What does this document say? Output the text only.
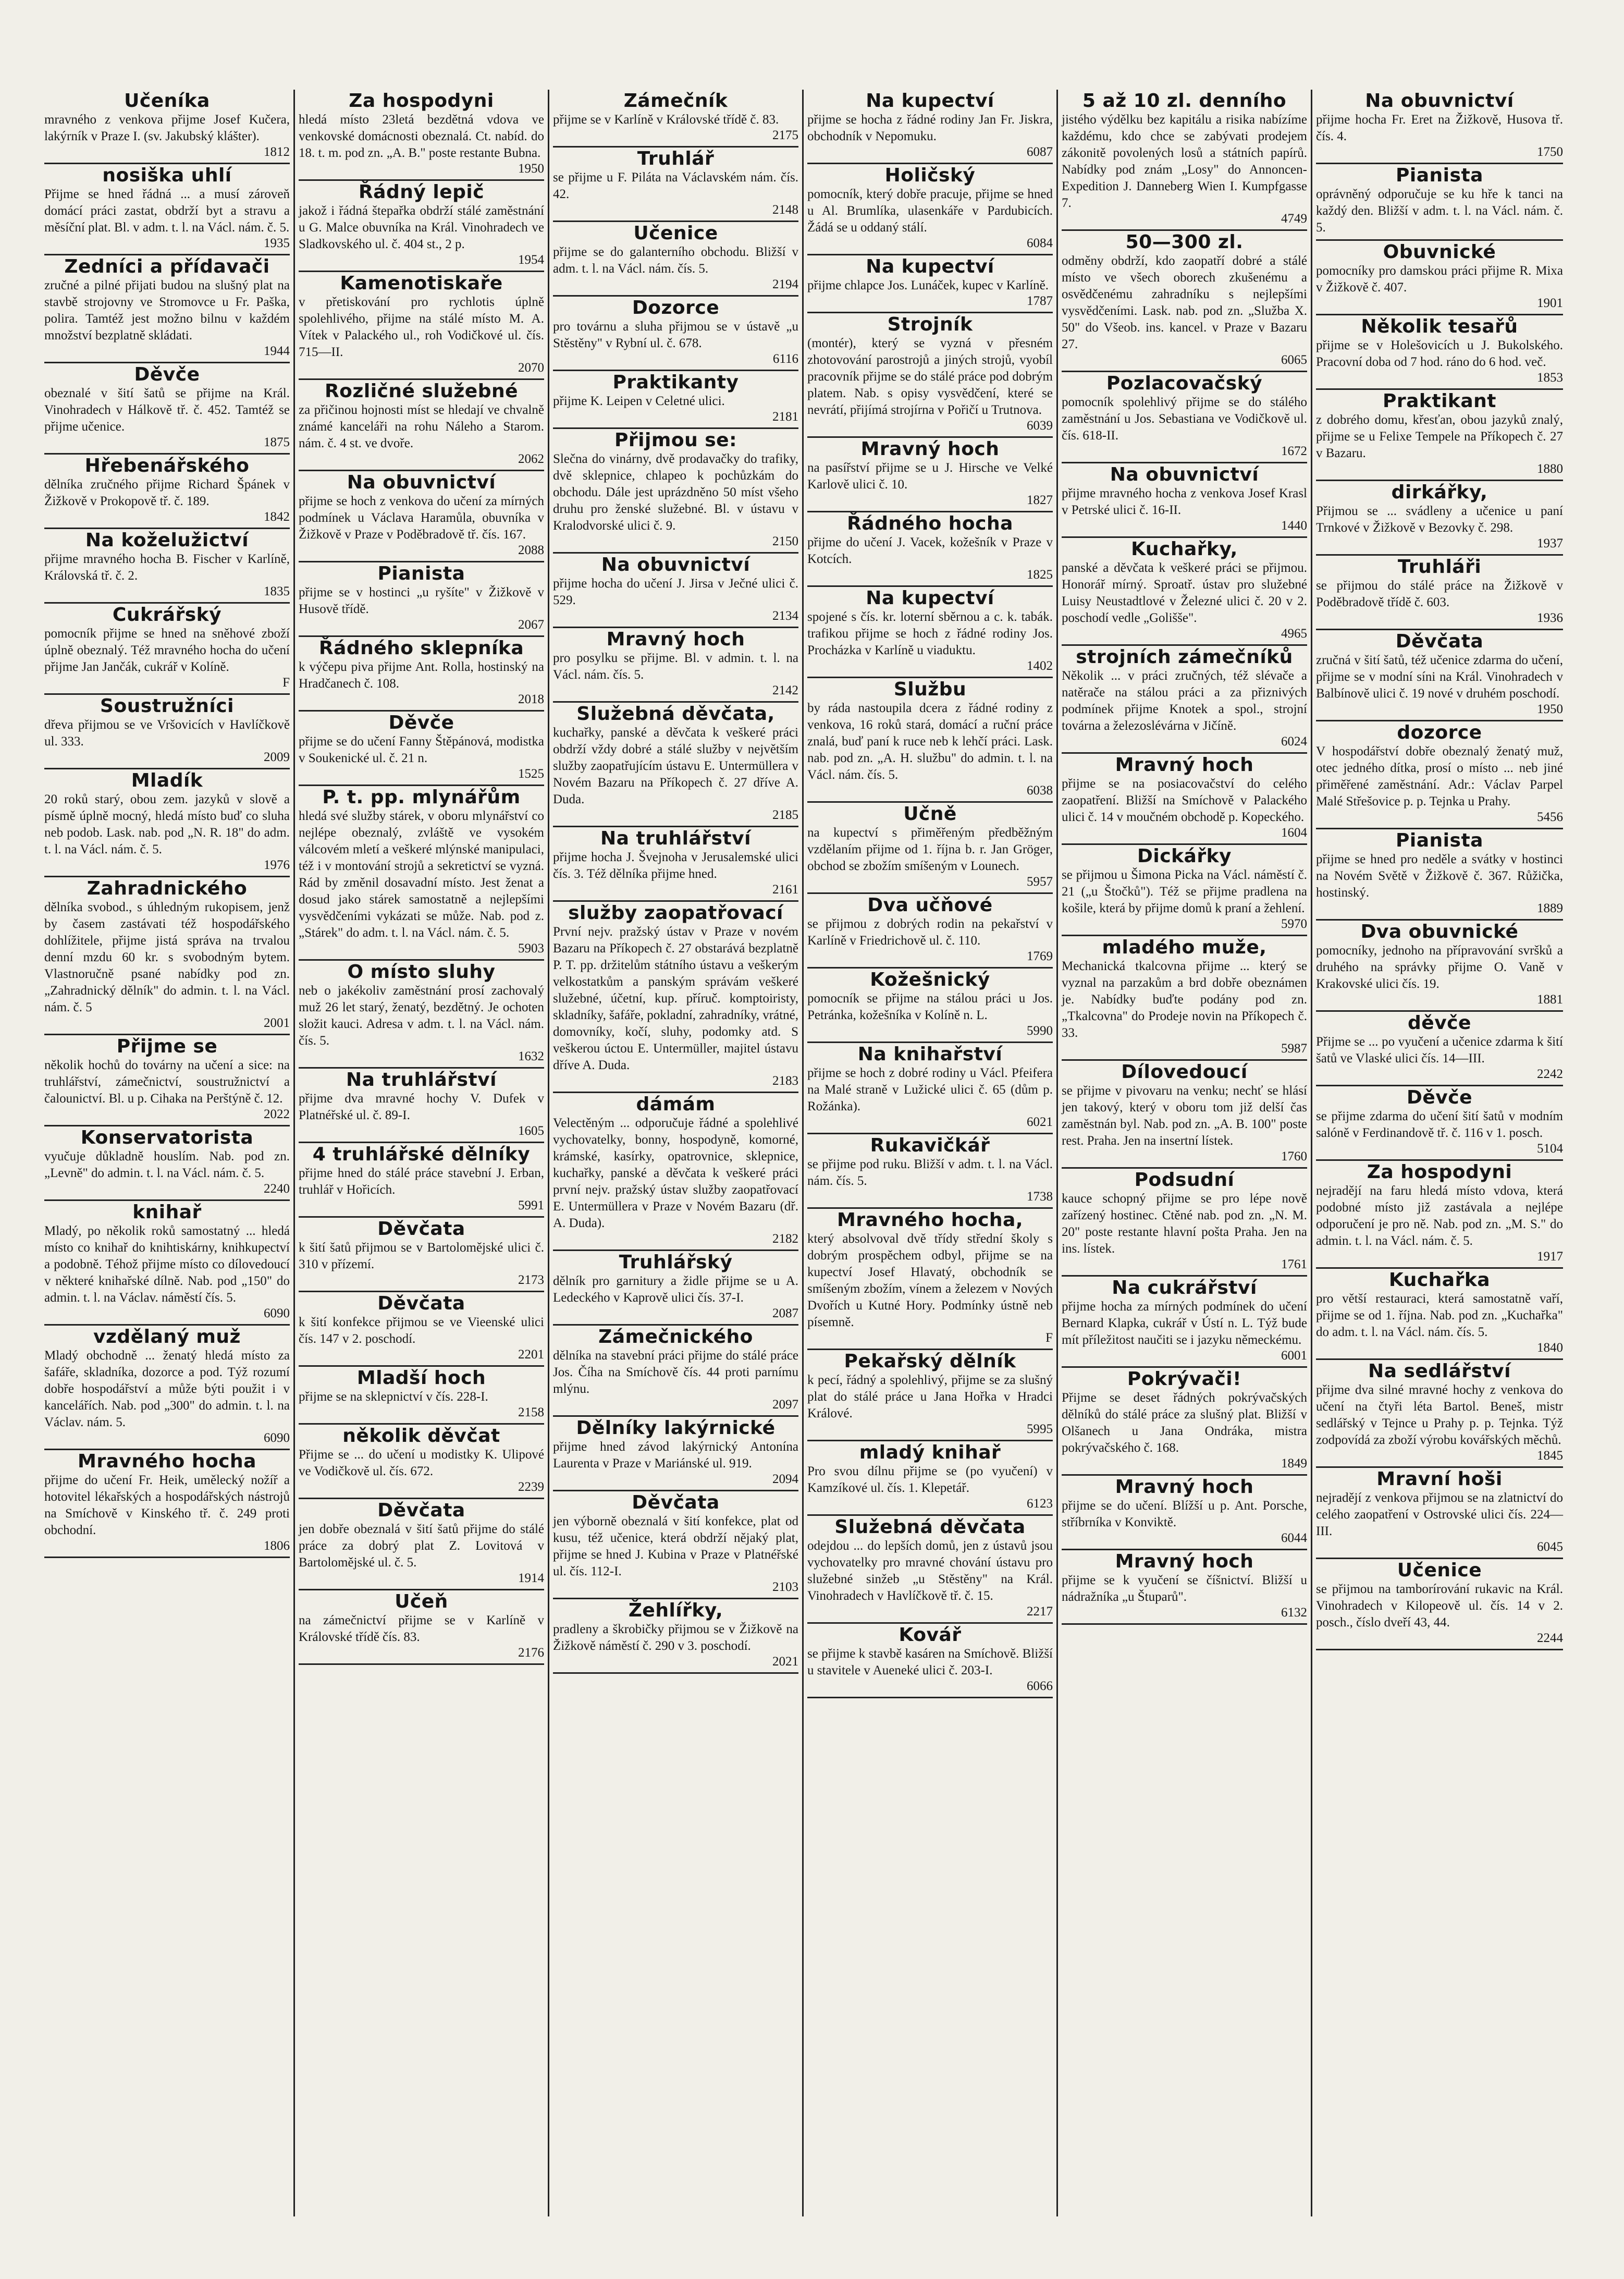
Učeníka
mravného z venkova přijme Josef Kučera, lakýrník v Praze I. (sv. Jakubský klášter).
1812
nosiška uhlí
Přijme se hned řádná ... a musí zároveň domácí práci zastat, obdrží byt a stravu a měsíční plat. Bl. v adm. t. l. na Václ. nám. č. 5.
1935
Zedníci a přídavači
zručné a pilné přijati budou na slušný plat na stavbě strojovny ve Stromovce u Fr. Paška, polira. Tamtéž jest možno bilnu v každém množství bezplatně skládati.
1944
Děvče
obeznalé v šití šatů se přijme na Král. Vinohradech v Hálkově tř. č. 452. Tamtéž se přijme učenice.
1875
Hřebenářského
dělníka zručného přijme Richard Špánek v Žižkově v Prokopově tř. č. 189.
1842
Na koželužictví
přijme mravného hocha B. Fischer v Karlíně, Královská tř. č. 2.
1835
Cukrářský
pomocník přijme se hned na sněhové zboží úplně obeznalý. Též mravného hocha do učení přijme Jan Jančák, cukrář v Kolíně.
F
Soustružníci
dřeva přijmou se ve Vršovicích v Havlíčkově ul. 333.
2009
Mladík
20 roků starý, obou zem. jazyků v slově a písmě úplně mocný, hledá místo buď co sluha neb podob. Lask. nab. pod „N. R. 18" do adm. t. l. na Václ. nám. č. 5.
1976
Zahradnického
dělníka svobod., s úhledným rukopisem, jenž by časem zastávati též hospodářského dohlížitele, přijme jistá správa na trvalou denní mzdu 60 kr. s svobodným bytem. Vlastnoručně psané nabídky pod zn. „Zahradnický dělník" do admin. t. l. na Václ. nám. č. 5
2001
Přijme se
několik hochů do továrny na učení a sice: na truhlářství, zámečnictví, soustružnictví a čalounictví. Bl. u p. Cihaka na Perštýně č. 12.
2022
Konservatorista
vyučuje důkladně houslím. Nab. pod zn. „Levně" do admin. t. l. na Václ. nám. č. 5.
2240
knihař
Mladý, po několik roků samostatný ... hledá místo co knihař do knihtiskárny, knihkupectví a podobně. Téhož přijme místo co dílovedoucí v některé knihařské dílně. Nab. pod „150" do admin. t. l. na Václav. náměstí čís. 5.
6090
vzdělaný muž
Mladý obchodně ... ženatý hledá místo za šafáře, skladníka, dozorce a pod. Týž rozumí dobře hospodářství a může býti použit i v kancelářích. Nab. pod „300" do admin. t. l. na Václav. nám. 5.
6090
Mravného hocha
přijme do učení Fr. Heik, umělecký nožíř a hotovitel lékařských a hospodářských nástrojů na Smíchově v Kinského tř. č. 249 proti obchodní.
1806
Za hospodyni
hledá místo 23letá bezdětná vdova ve venkovské domácnosti obeznalá. Ct. nabíd. do 18. t. m. pod zn. „A. B." poste restante Bubna.
1950
Řádný lepič
jakož i řádná štepařka obdrží stálé zaměstnání u G. Malce obuvníka na Král. Vinohradech ve Sladkovského ul. č. 404 st., 2 p.
1954
Kamenotiskaře
v přetiskování pro rychlotis úplně spolehlivého, přijme na stálé místo M. A. Vítek v Palackého ul., roh Vodičkové ul. čís. 715—II.
2070
Rozličné služebné
za přičinou hojnosti míst se hledají ve chvalně známé kanceláři na rohu Náleho a Starom. nám. č. 4 st. ve dvoře.
2062
Na obuvnictví
přijme se hoch z venkova do učení za mírných podmínek u Václava Haramůla, obuvníka v Žižkově v Praze v Poděbradově tř. čís. 167.
2088
Pianista
přijme se v hostinci „u ryšíte" v Žižkově v Husově třídě.
2067
Řádného sklepníka
k výčepu piva přijme Ant. Rolla, hostinský na Hradčanech č. 108.
2018
Děvče
přijme se do učení Fanny Štěpánová, modistka v Soukenické ul. č. 21 n.
1525
P. t. pp. mlynářům
hledá své služby stárek, v oboru mlynářství co nejlépe obeznalý, zvláště ve vysokém válcovém mletí a veškeré mlýnské manipulaci, též i v montování strojů a sekretictví se vyzná. Rád by změnil dosavadní místo. Jest ženat a dosud jako stárek samostatně a nejlepšími vysvědčeními vykázati se může. Nab. pod z. „Stárek" do adm. t. l. na Václ. nám. č. 5.
5903
O místo sluhy
neb o jakékoliv zaměstnání prosí zachovalý muž 26 let starý, ženatý, bezdětný. Je ochoten složit kauci. Adresa v adm. t. l. na Václ. nám. čís. 5.
1632
Na truhlářství
přijme dva mravné hochy V. Dufek v Platnéřské ul. č. 89-I.
1605
4 truhlářské dělníky
přijme hned do stálé práce stavební J. Erban, truhlář v Hořicích.
5991
Děvčata
k šití šatů přijmou se v Bartolomějské ulici č. 310 v přízemí.
2173
Děvčata
k šití konfekce přijmou se ve Vieenské ulici čís. 147 v 2. poschodí.
2201
Mladší hoch
přijme se na sklepnictví v čís. 228-I.
2158
několik děvčat
Přijme se ... do učení u modistky K. Ulipové ve Vodičkově ul. čís. 672.
2239
Děvčata
jen dobře obeznalá v šití šatů přijme do stálé práce za dobrý plat Z. Lovitová v Bartolomějské ul. č. 5.
1914
Učeň
na zámečnictví přijme se v Karlíně v Královské třídě čís. 83.
2176
Zámečník
přijme se v Karlíně v Královské třídě č. 83.
2175
Truhlář
se přijme u F. Piláta na Václavském nám. čís. 42.
2148
Učenice
přijme se do galanterního obchodu. Bližší v adm. t. l. na Václ. nám. čís. 5.
2194
Dozorce
pro továrnu a sluha přijmou se v ústavě „u Stěstěny" v Rybní ul. č. 678.
6116
Praktikanty
přijme K. Leipen v Celetné ulici.
2181
Přijmou se:
Slečna do vinárny, dvě prodavačky do trafiky, dvě sklepnice, chlapeo k pochůzkám do obchodu. Dále jest uprázdněno 50 míst všeho druhu pro ženské služebné. Bl. v ústavu v Kralodvorské ulici č. 9.
2150
Na obuvnictví
přijme hocha do učení J. Jirsa v Ječné ulici č. 529.
2134
Mravný hoch
pro posylku se přijme. Bl. v admin. t. l. na Václ. nám. čís. 5.
2142
Služebná děvčata,
kuchařky, panské a děvčata k veškeré práci obdrží vždy dobré a stálé služby v největším služby zaopatřujícím ústavu E. Untermüllera v Novém Bazaru na Příkopech č. 27 dříve A. Duda.
2185
Na truhlářství
přijme hocha J. Švejnoha v Jerusalemské ulici čís. 3. Též dělníka přijme hned.
2161
služby zaopatřovací
První nejv. pražský ústav v Praze v novém Bazaru na Příkopech č. 27 obstarává bezplatně P. T. pp. držitelům státního ústavu a veškerým velkostatkům a panským správám veškeré služebné, účetní, kup. příruč. komptoiristy, skladníky, šafáře, pokladní, zahradníky, vrátné, domovníky, kočí, sluhy, podomky atd. S veškerou úctou E. Untermüller, majitel ústavu dříve A. Duda.
2183
dámám
Velectěným ... odporučuje řádné a spolehlivé vychovatelky, bonny, hospodyně, komorné, krámské, kasírky, opatrovnice, sklepnice, kuchařky, panské a děvčata k veškeré práci první nejv. pražský ústav služby zaopatřovací E. Untermüllera v Praze v Novém Bazaru (dř. A. Duda).
2182
Truhlářský
dělník pro garnitury a židle přijme se u A. Ledeckého v Kaprově ulici čís. 37-I.
2087
Zámečnického
dělníka na stavební práci přijme do stálé práce Jos. Číha na Smíchově čís. 44 proti parnímu mlýnu.
2097
Dělníky lakýrnické
přijme hned závod lakýrnický Antonína Laurenta v Praze v Mariánské ul. 919.
2094
Děvčata
jen výborně obeznalá v šití konfekce, plat od kusu, též učenice, která obdrží nějaký plat, přijme se hned J. Kubina v Praze v Platnéřské ul. čís. 112-I.
2103
Žehlířky,
pradleny a škrobičky přijmou se v Žižkově na Žižkově náměstí č. 290 v 3. poschodí.
2021
Na kupectví
přijme se hocha z řádné rodiny Jan Fr. Jiskra, obchodník v Nepomuku.
6087
Holičský
pomocník, který dobře pracuje, přijme se hned u Al. Brumlíka, ulasenkáře v Pardubicích. Žádá se u oddaný stálí.
6084
Na kupectví
přijme chlapce Jos. Lunáček, kupec v Karlíně.
1787
Strojník
(montér), který se vyzná v přesném zhotovování parostrojů a jiných strojů, vyobíl pracovník přijme se do stálé práce pod dobrým platem. Nab. s opisy vysvědčení, které se nevrátí, přijímá strojírna v Pořičí u Trutnova.
6039
Mravný hoch
na pasířství přijme se u J. Hirsche ve Velké Karlově ulici č. 10.
1827
Řádného hocha
přijme do učení J. Vacek, kožešník v Praze v Kotcích.
1825
Na kupectví
spojené s čís. kr. loterní sběrnou a c. k. tabák. trafikou přijme se hoch z řádné rodiny Jos. Procházka v Karlíně u viaduktu.
1402
Službu
by ráda nastoupila dcera z řádné rodiny z venkova, 16 roků stará, domácí a ruční práce znalá, buď paní k ruce neb k lehčí práci. Lask. nab. pod zn. „A. H. službu" do admin. t. l. na Václ. nám. čís. 5.
6038
Učně
na kupectví s přiměřeným předběžným vzdělaním přijme od 1. října b. r. Jan Gröger, obchod se zbožím smíšeným v Lounech.
5957
Dva učňové
se přijmou z dobrých rodin na pekařství v Karlíně v Friedrichově ul. č. 110.
1769
Kožešnický
pomocník se přijme na stálou práci u Jos. Petránka, kožešníka v Kolíně n. L.
5990
Na knihařství
přijme se hoch z dobré rodiny u Václ. Pfeifera na Malé straně v Lužické ulici č. 65 (dům p. Rožánka).
6021
Rukavičkář
se přijme pod ruku. Bližší v adm. t. l. na Václ. nám. čís. 5.
1738
Mravného hocha,
který absolvoval dvě třídy střední školy s dobrým prospěchem odbyl, přijme se na kupectví Josef Hlavatý, obchodník se smíšeným zbožím, vínem a železem v Nových Dvořích u Kutné Hory. Podmínky ústně neb písemně.
F
Pekařský dělník
k pecí, řádný a spolehlivý, přijme se za slušný plat do stálé práce u Jana Hořka v Hradci Králové.
5995
mladý knihař
Pro svou dílnu přijme se (po vyučení) v Kamzíkové ul. čís. 1. Klepetář.
6123
Služebná děvčata
odejdou ... do lepších domů, jen z ústavů jsou vychovatelky pro mravné chování ústavu pro služebné sinžeb „u Stěstěny" na Král. Vinohradech v Havlíčkově tř. č. 15.
2217
Kovář
se přijme k stavbě kasáren na Smíchově. Bližší u stavitele v Aueneké ulici č. 203-I.
6066
5 až 10 zl. denního
jistého výdělku bez kapitálu a risika nabízíme každému, kdo chce se zabývati prodejem zákonitě povolených losů a státních papírů. Nabídky pod znám „Losy" do Annoncen-Expedition J. Danneberg Wien I. Kumpfgasse 7.
4749
50—300 zl.
odměny obdrží, kdo zaopatří dobré a stálé místo ve všech oborech zkušenému a osvědčenému zahradníku s nejlepšími vysvědčeními. Lask. nab. pod zn. „Služba X. 50" do Všeob. ins. kancel. v Praze v Bazaru 27.
6065
Pozlacovačský
pomocník spolehlivý přijme se do stálého zaměstnání u Jos. Sebastiana ve Vodičkově ul. čís. 618-II.
1672
Na obuvnictví
přijme mravného hocha z venkova Josef Krasl v Petrské ulici č. 16-II.
1440
Kuchařky,
panské a děvčata k veškeré práci se přijmou. Honorář mírný. Sproatř. ústav pro služebné Luisy Neustadtlové v Železné ulici č. 20 v 2. poschodí vedle „Golišše".
4965
strojních zámečníků
Několik ... v práci zručných, též slévače a natěrače na stálou práci a za přiznivých podmínek přijme Knotek a spol., strojní továrna a železoslévárna v Jičíně.
6024
Mravný hoch
přijme se na posiacovačství do celého zaopatření. Bližší na Smíchově v Palackého ulici č. 14 v moučném obchodě p. Kopeckého.
1604
Dickářky
se přijmou u Šimona Picka na Václ. náměstí č. 21 („u Štočků"). Též se přijme pradlena na košile, která by přijme domů k praní a žehlení.
5970
mladého muže,
Mechanická tkalcovna přijme ... který se vyznal na parzakům a brd dobře obeznámen je. Nabídky buďte podány pod zn. „Tkalcovna" do Prodeje novin na Příkopech č. 33.
5987
Dílovedoucí
se přijme v pivovaru na venku; nechť se hlásí jen takový, který v oboru tom již delší čas zaměstnán byl. Nab. pod zn. „A. B. 100" poste rest. Praha. Jen na insertní lístek.
1760
Podsudní
kauce schopný přijme se pro lépe nově zařízený hostinec. Ctěné nab. pod zn. „N. M. 20" poste restante hlavní pošta Praha. Jen na ins. lístek.
1761
Na cukrářství
přijme hocha za mírných podmínek do učení Bernard Klapka, cukrář v Ústí n. L. Týž bude mít příležitost naučiti se i jazyku německému.
6001
Pokrývači!
Přijme se deset řádných pokrývačských dělníků do stálé práce za slušný plat. Bližší v Olšanech u Jana Ondráka, mistra pokrývačského č. 168.
1849
Mravný hoch
přijme se do učení. Blížší u p. Ant. Porsche, stříbrníka v Konviktě.
6044
Mravný hoch
přijme se k vyučení se číšnictví. Bližší u nádražníka „u Štuparů".
6132
Na obuvnictví
přijme hocha Fr. Eret na Žižkově, Husova tř. čís. 4.
1750
Pianista
oprávněný odporučuje se ku hře k tanci na každý den. Bližší v adm. t. l. na Václ. nám. č. 5.
Obuvnické
pomocníky pro damskou práci přijme R. Mixa v Žižkově č. 407.
1901
Několik tesařů
přijme se v Holešovicích u J. Bukolského. Pracovní doba od 7 hod. ráno do 6 hod. več.
1853
Praktikant
z dobrého domu, křesťan, obou jazyků znalý, přijme se u Felixe Tempele na Příkopech č. 27 v Bazaru.
1880
dirkářky,
Přijmou se ... svádleny a učenice u paní Trnkové v Žižkově v Bezovky č. 298.
1937
Truhláři
se přijmou do stálé práce na Žižkově v Poděbradově třídě č. 603.
1936
Děvčata
zručná v šití šatů, též učenice zdarma do učení, přijme se v modní síni na Král. Vinohradech v Balbínově ulici č. 19 nové v druhém poschodí.
1950
dozorce
V hospodářství dobře obeznalý ženatý muž, otec jedného dítka, prosí o místo ... neb jiné přiměřené zaměstnání. Adr.: Václav Parpel Malé Střešovice p. p. Tejnka u Prahy.
5456
Pianista
přijme se hned pro neděle a svátky v hostinci na Novém Světě v Žižkově č. 367. Růžička, hostinský.
1889
Dva obuvnické
pomocníky, jednoho na přípravování svršků a druhého na správky přijme O. Vaně v Krakovské ulici čís. 19.
1881
děvče
Přijme se ... po vyučení a učenice zdarma k šití šatů ve Vlaské ulici čís. 14—III.
2242
Děvče
se přijme zdarma do učení šití šatů v modním salóně v Ferdinandově tř. č. 116 v 1. posch.
5104
Za hospodyni
nejradějí na faru hledá místo vdova, která podobné místo již zastávala a nejlépe odporučení je pro ně. Nab. pod zn. „M. S." do admin. t. l. na Václ. nám. č. 5.
1917
Kuchařka
pro větší restauraci, která samostatně vaří, přijme se od 1. října. Nab. pod zn. „Kuchařka" do adm. t. l. na Václ. nám. čís. 5.
1840
Na sedlářství
přijme dva silné mravné hochy z venkova do učení na čtyři léta Bartol. Beneš, mistr sedlářský v Tejnce u Prahy p. p. Tejnka. Týž zodpovídá za zboží výrobu kovářských měchů.
1845
Mravní hoši
nejradějí z venkova přijmou se na zlatnictví do celého zaopatření v Ostrovské ulici čís. 224—III.
6045
Učenice
se přijmou na tamborírování rukavic na Král. Vinohradech v Kilopeově ul. čís. 14 v 2. posch., číslo dveří 43, 44.
2244
